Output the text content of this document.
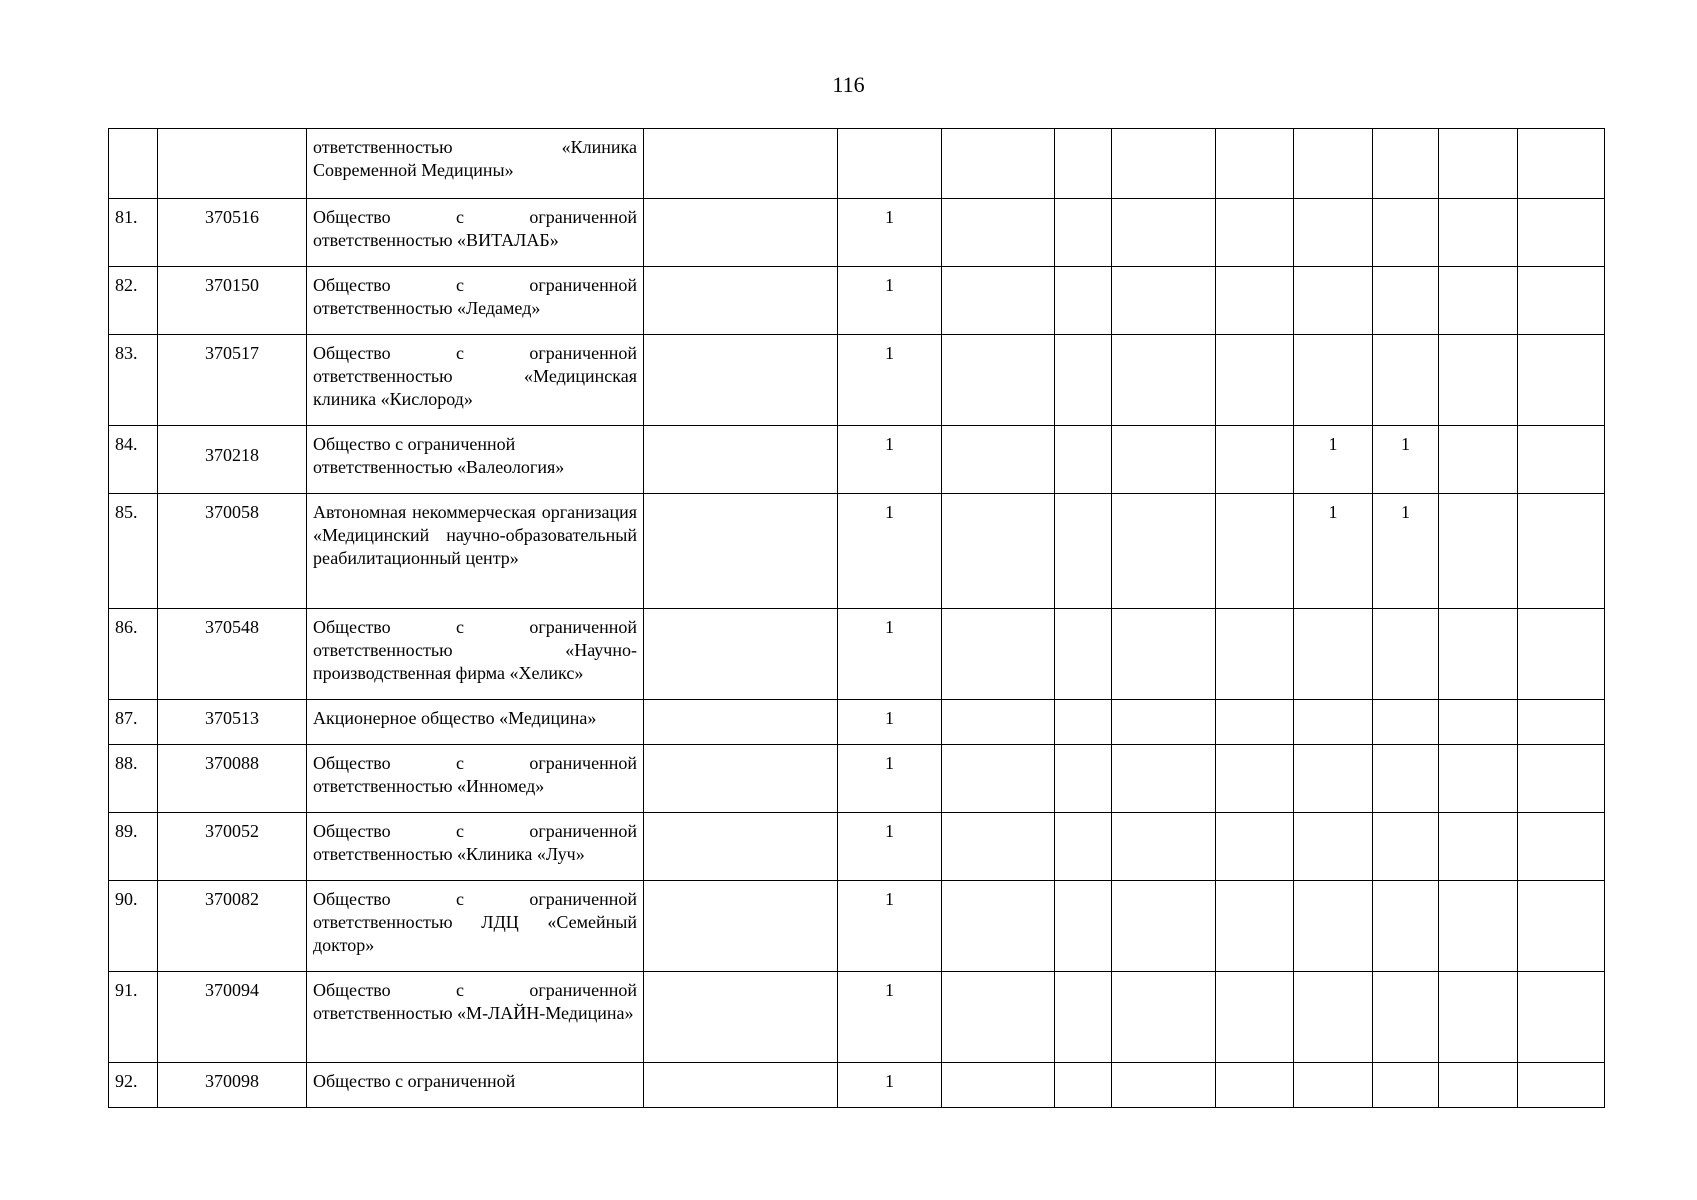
116
		ответственностью «Клиника Современной Медицины»										
81.	370516	Общество с ограниченной ответственностью «ВИТАЛАБ»		1								
82.	370150	Общество с ограниченной ответственностью «Ледамед»		1								
83.	370517	Общество с ограниченной ответственностью «Медицинская клиника «Кислород»		1								
84.	370218	Общество с ограниченной ответственностью «Валеология»		1					1	1		
85.	370058	Автономная некоммерческая организация «Медицинский научно-образовательный реабилитационный центр»		1					1	1		
86.	370548	Общество с ограниченной ответственностью «Научно-производственная фирма «Хеликс»		1								
87.	370513	Акционерное общество «Медицина»		1								
88.	370088	Общество с ограниченной ответственностью «Инномед»		1								
89.	370052	Общество с ограниченной ответственностью «Клиника «Луч»		1								
90.	370082	Общество с ограниченной ответственностью ЛДЦ «Семейный доктор»		1								
91.	370094	Общество с ограниченной ответственностью «М-ЛАЙН-Медицина»		1								
92.	370098	Общество с ограниченной		1								
